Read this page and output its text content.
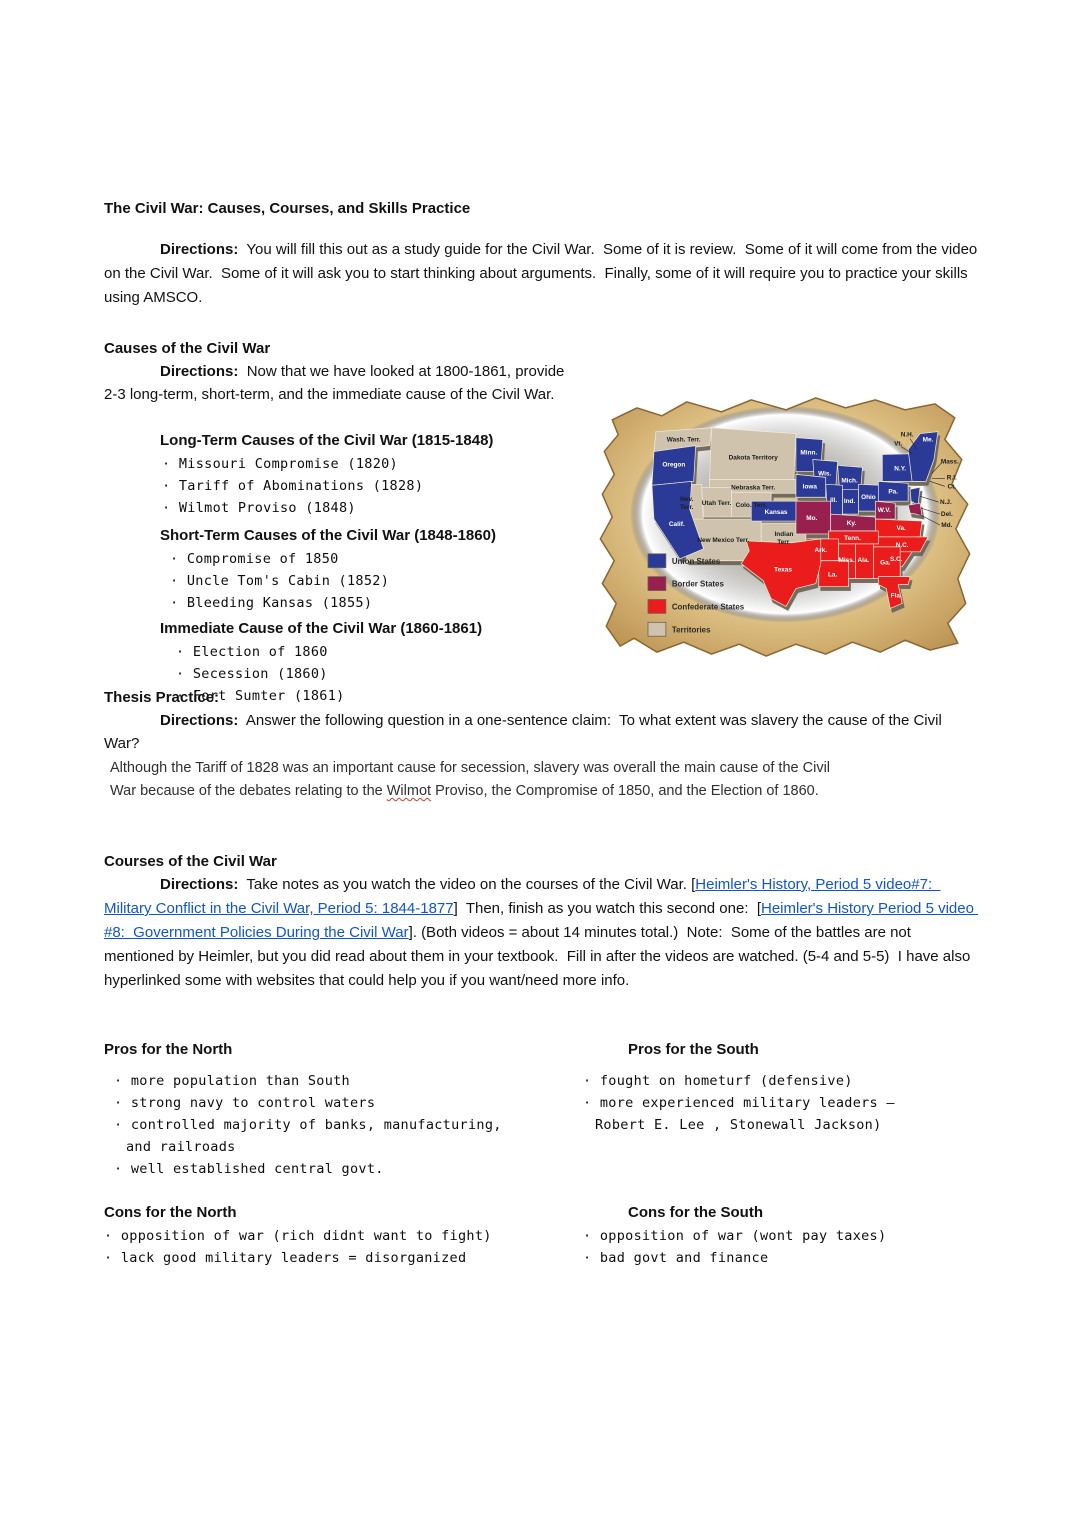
The Civil War: Causes, Courses, and Skills Practice

Directions:  You will fill this out as a study guide for the Civil War.  Some of it is review.  Some of it will come from the video on the Civil War.  Some of it will ask you to start thinking about arguments.  Finally, some of it will require you to practice your skills using AMSCO.

Causes of the Civil War

Directions:  Now that we have looked at 1800-1861, provide 2-3 long-term, short-term, and the immediate cause of the Civil War.

Long-Term Causes of the Civil War (1815-1848)
· Missouri Compromise (1820)
· Tariff of Abominations (1828)
· Wilmot Proviso (1848)
Short-Term Causes of the Civil War (1848-1860)
· Compromise of 1850
· Uncle Tom's Cabin (1852)
· Bleeding Kansas (1855)
Immediate Cause of the Civil War (1860-1861)
· Election of 1860
· Secession (1860)
· Fort Sumter (1861)
Wash. Terr.
Oregon
Dakota Territory
Nebraska Terr.
Minn.
Wis.
Mich.
Iowa
Nev.
Terr.
Utah Terr. Colo. Terr.
Kansas
Calif.
New Mexico Terr.
Indian
Terr.
Ill. Ind.
Ohio
Mo.
Ky.
W.V.
Pa.
N.Y.
Va.
N.C.
S.C.
Tenn.
Ark.
Miss. Ala. Ga.
La.
Texas
Fla.
Me.
N.H.
Vt.
Mass.
R.I.
Ct.
N.J.
Del.
Md.
Union States
Border States
Confederate States
Territories
Thesis Practice:

Directions:  Answer the following question in a one-sentence claim:  To what extent was slavery the cause of the Civil War?

Although the Tariff of 1828 was an important cause for secession, slavery was overall the main cause of the Civil War because of the debates relating to the Wilmot Proviso, the Compromise of 1850, and the Election of 1860.

Courses of the Civil War

Directions:  Take notes as you watch the video on the courses of the Civil War. [Heimler's History, Period 5 video#7:  Military Conflict in the Civil War, Period 5: 1844-1877]  Then, finish as you watch this second one:  [Heimler's History Period 5 video #8:  Government Policies During the Civil War]. (Both videos = about 14 minutes total.)  Note:  Some of the battles are not mentioned by Heimler, but you did read about them in your textbook.  Fill in after the videos are watched. (5-4 and 5-5)  I have also hyperlinked some with websites that could help you if you want/need more info.

Pros for the North	Pros for the South
· more population than South
· strong navy to control waters
· controlled majority of banks, manufacturing, and railroads
· well established central govt.
· fought on hometurf (defensive)
· more experienced military leaders — Robert E. Lee , Stonewall Jackson)
Cons for the North	Cons for the South
· opposition of war (rich didnt want to fight)
· lack good military leaders = disorganized
· opposition of war (wont pay taxes)
· bad govt and finance
